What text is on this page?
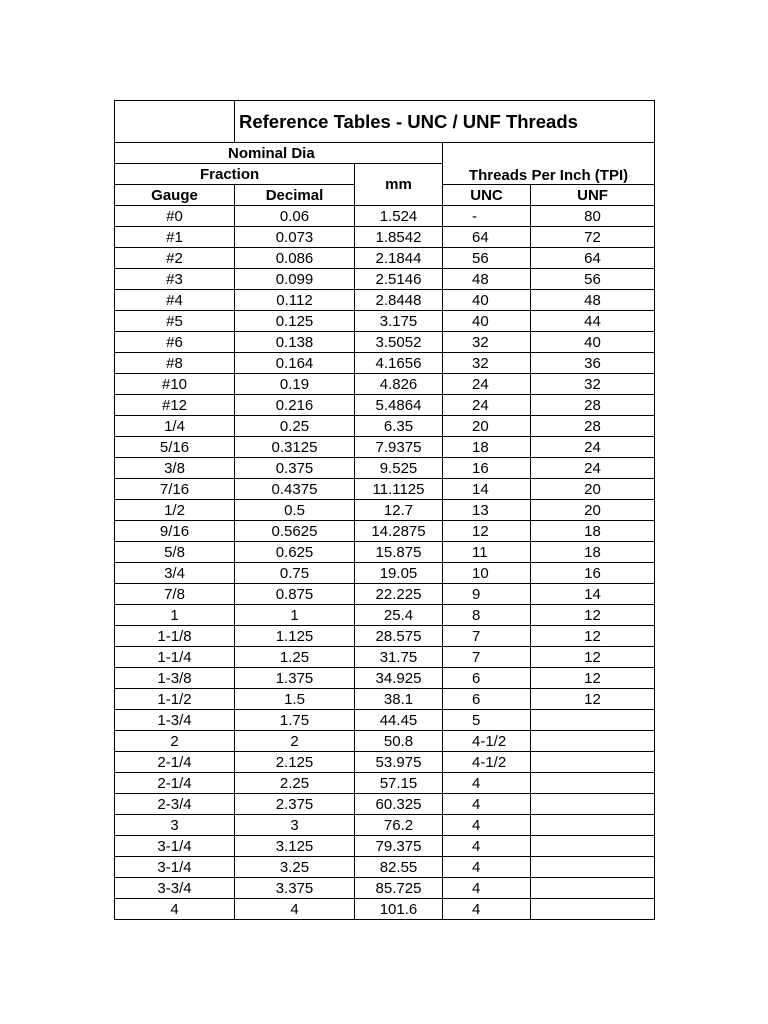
	Reference Tables - UNC / UNF Threads			
Nominal Dia			Threads Per Inch (TPI)	
Fraction		mm		
Gauge	Decimal		UNC	UNF
#0	0.06	1.524	-	80
#1	0.073	1.8542	64	72
#2	0.086	2.1844	56	64
#3	0.099	2.5146	48	56
#4	0.112	2.8448	40	48
#5	0.125	3.175	40	44
#6	0.138	3.5052	32	40
#8	0.164	4.1656	32	36
#10	0.19	4.826	24	32
#12	0.216	5.4864	24	28
1/4	0.25	6.35	20	28
5/16	0.3125	7.9375	18	24
3/8	0.375	9.525	16	24
7/16	0.4375	11.1125	14	20
1/2	0.5	12.7	13	20
9/16	0.5625	14.2875	12	18
5/8	0.625	15.875	11	18
3/4	0.75	19.05	10	16
7/8	0.875	22.225	9	14
1	1	25.4	8	12
1-1/8	1.125	28.575	7	12
1-1/4	1.25	31.75	7	12
1-3/8	1.375	34.925	6	12
1-1/2	1.5	38.1	6	12
1-3/4	1.75	44.45	5	
2	2	50.8	4-1/2	
2-1/4	2.125	53.975	4-1/2	
2-1/4	2.25	57.15	4	
2-3/4	2.375	60.325	4	
3	3	76.2	4	
3-1/4	3.125	79.375	4	
3-1/4	3.25	82.55	4	
3-3/4	3.375	85.725	4	
4	4	101.6	4	
